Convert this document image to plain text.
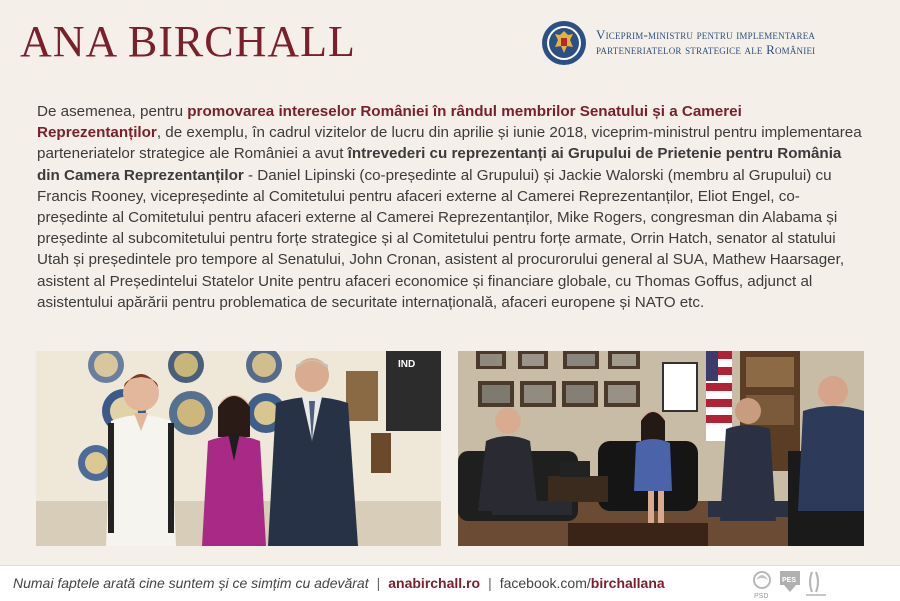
ANA BIRCHALL	Viceprim-ministru pentru implementarea
parteneriatelor strategice ale României
De asemenea, pentru promovarea intereselor României în rândul membrilor Senatului și a Camerei Reprezentanților, de exemplu, în cadrul vizitelor de lucru din aprilie și iunie 2018, viceprim-ministrul pentru implementarea parteneriatelor strategice ale României a avut întrevederi cu reprezentanți ai Grupului de Prietenie pentru România din Camera Reprezentanților - Daniel Lipinski (co-președinte al Grupului) și Jackie Walorski (membru al Grupului) cu Francis Rooney, vicepreședinte al Comitetului pentru afaceri externe al Camerei Reprezentanților, Eliot Engel, co-președinte al Comitetului pentru afaceri externe al Camerei Reprezentanților, Mike Rogers, congresman din Alabama și președinte al subcomitetului pentru forțe strategice și al Comitetului pentru forțe armate, Orrin Hatch, senator al statului Utah și președintele pro tempore al Senatului, John Cronan, asistent al procurorului general al SUA, Mathew Haarsager, asistent al Președintelui Statelor Unite pentru afaceri economice și financiare globale, cu Thomas Goffus, adjunct al asistentului apărării pentru problematica de securitate internațională, afaceri europene și NATO etc.
IND
Numai faptele arată cine suntem și ce simțim cu adevărat | anabirchall.ro | facebook.com/birchallana
PSD
PES
